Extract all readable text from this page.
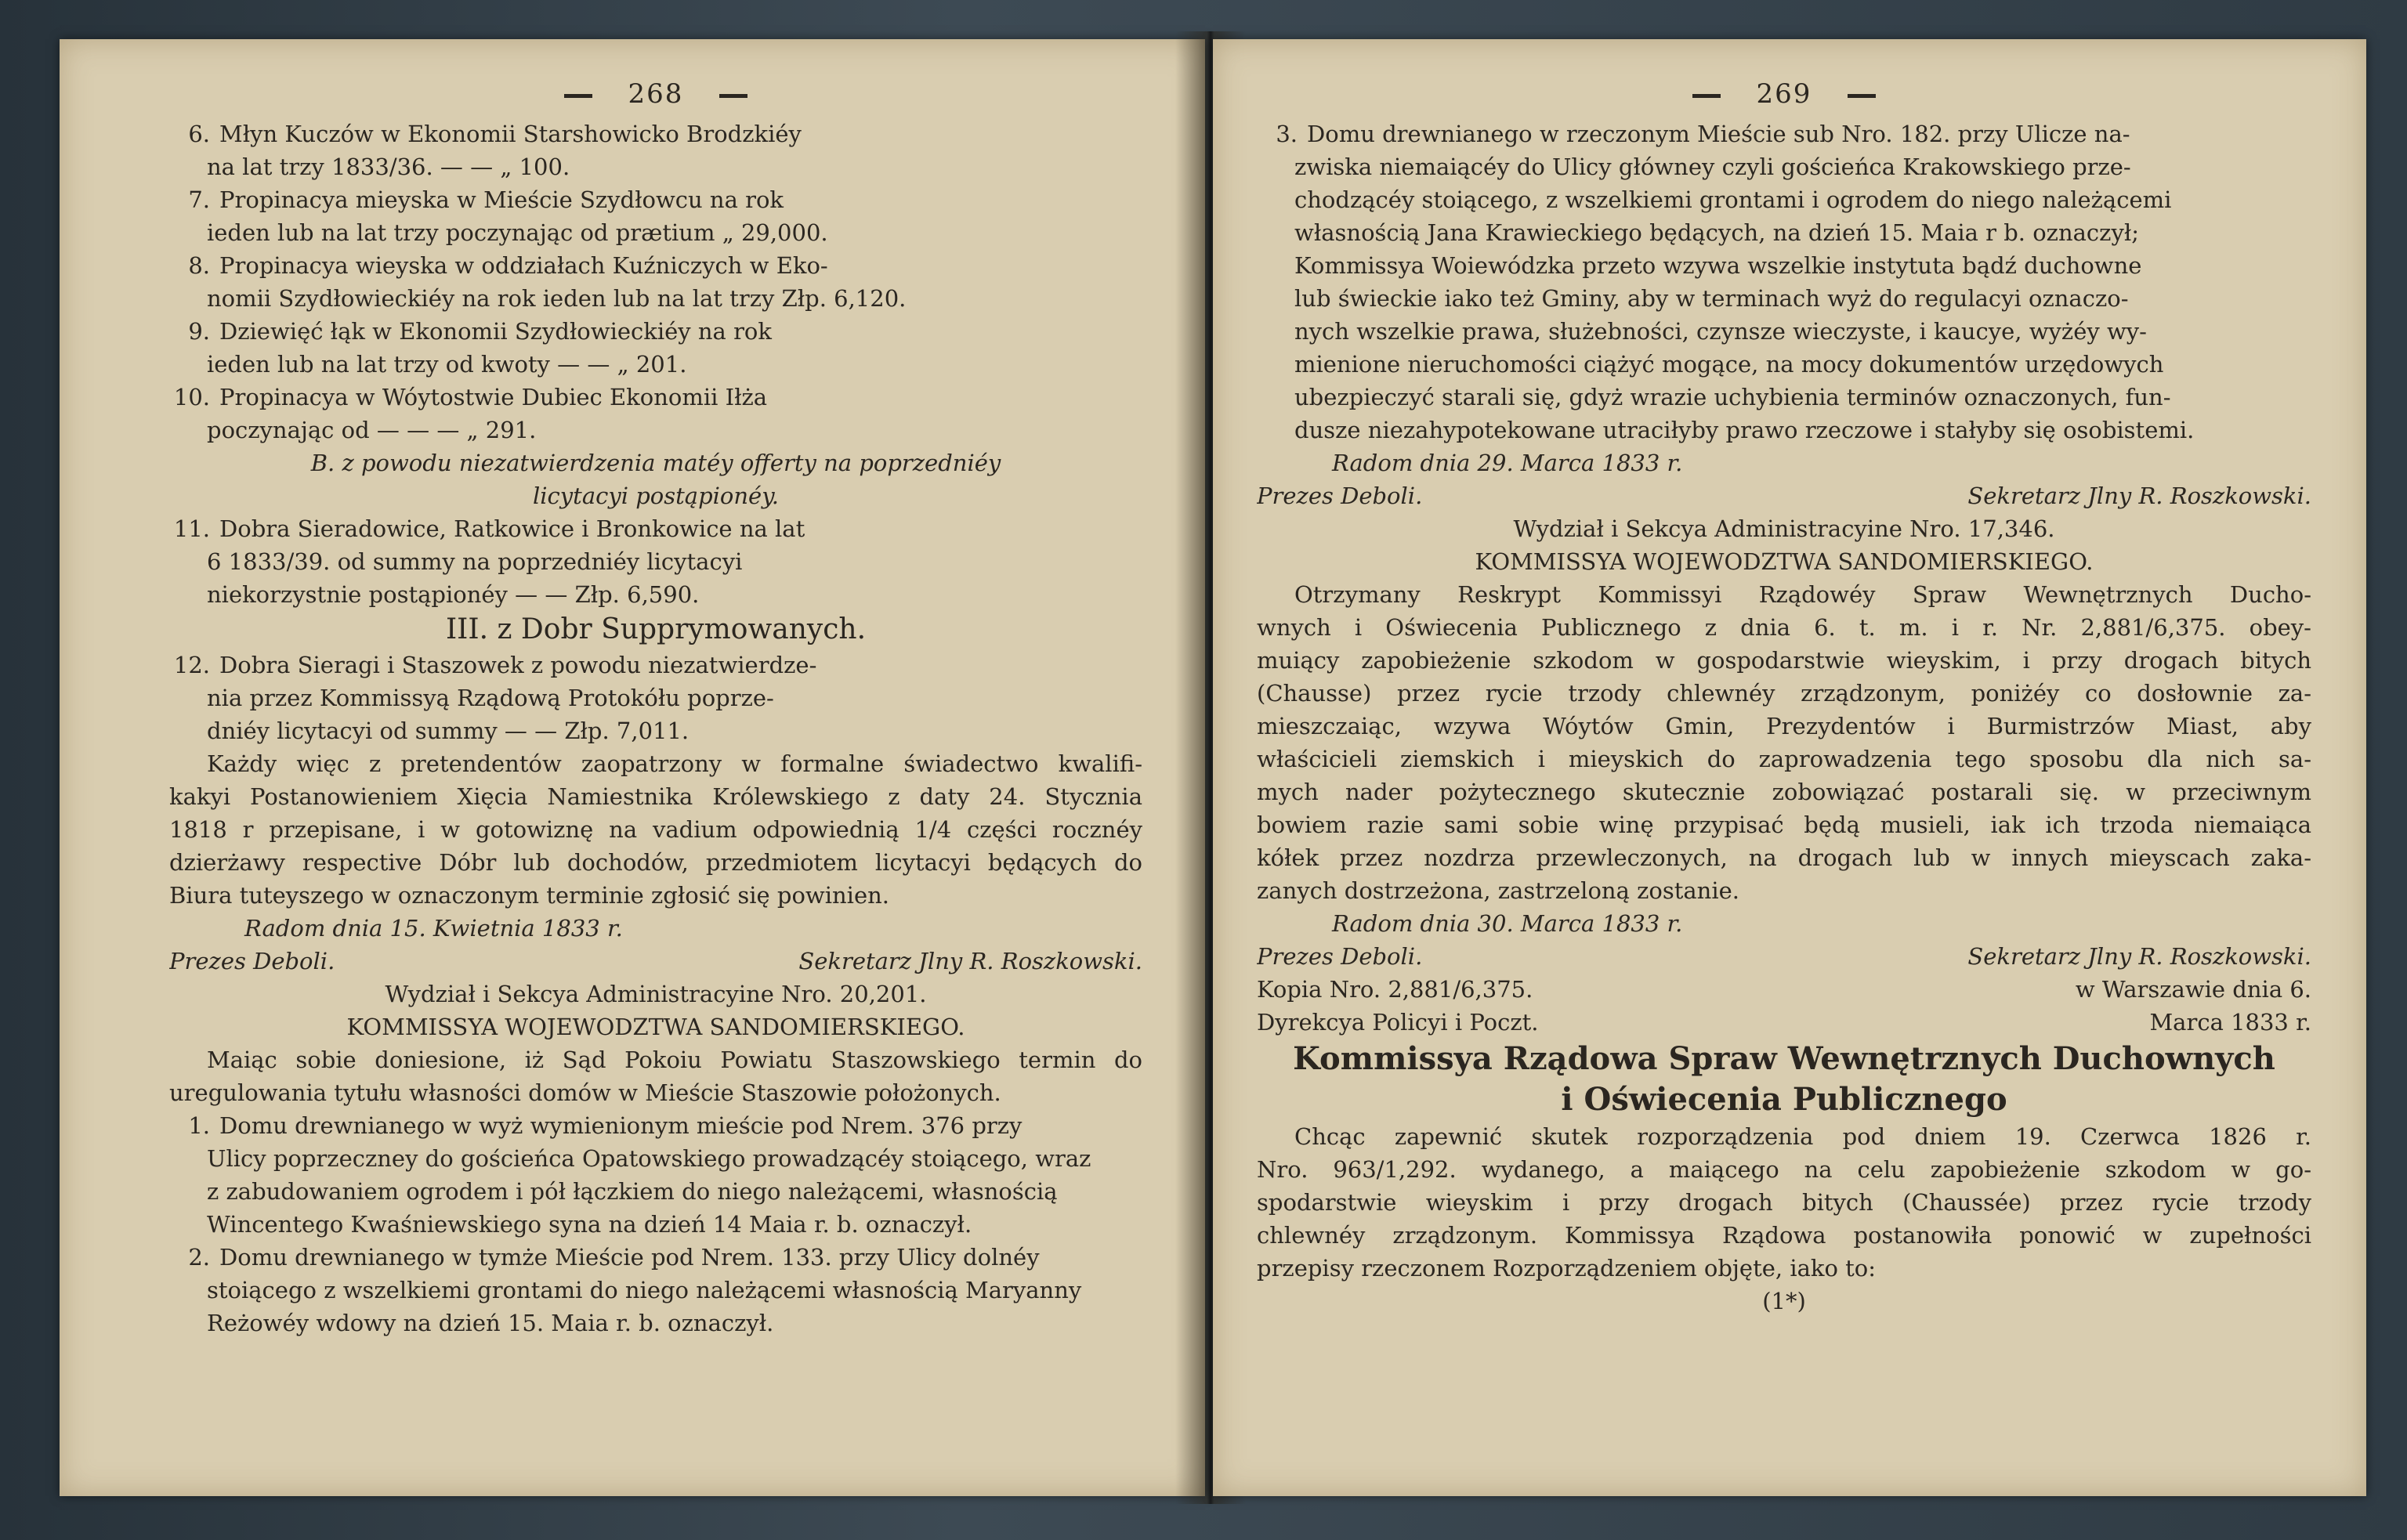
268
6. Młyn Kuczów w Ekonomii Starshowicko Brodzkiéy
na lat trzy 1833/36. — — „ 100.
7. Propinacya mieyska w Mieście Szydłowcu na rok
ieden lub na lat trzy poczynając od prætium „ 29,000.
8. Propinacya wieyska w oddziałach Kuźniczych w Eko-
nomii Szydłowieckiéy na rok ieden lub na lat trzy Złp. 6,120.
9. Dziewięć łąk w Ekonomii Szydłowieckiéy na rok
ieden lub na lat trzy od kwoty — — „ 201.
10. Propinacya w Wóytostwie Dubiec Ekonomii Iłża
poczynając od — — — „ 291.
B. z powodu niezatwierdzenia matéy offerty na poprzedniéy
licytacyi postąpionéy.
11. Dobra Sieradowice, Ratkowice i Bronkowice na lat
6 1833/39. od summy na poprzedniéy licytacyi
niekorzystnie postąpionéy — — Złp. 6,590.
III. z Dobr Supprymowanych.
12. Dobra Sieragi i Staszowek z powodu niezatwierdze-
nia przez Kommissyą Rządową Protokółu poprze-
dniéy licytacyi od summy — — Złp. 7,011.
Każdy więc z pretendentów zaopatrzony w formalne świadectwo kwalifi-
kakyi Postanowieniem Xięcia Namiestnika Królewskiego z daty 24. Stycznia
1818 r przepisane, i w gotowiznę na vadium odpowiednią 1/4 części rocznéy
dzierżawy respective Dóbr lub dochodów, przedmiotem licytacyi będących do
Biura tuteyszego w oznaczonym terminie zgłosić się powinien.
Radom dnia 15. Kwietnia 1833 r.
Prezes Deboli.	Sekretarz Jlny R. Roszkowski.
Wydział i Sekcya Administracyine Nro. 20,201.
KOMMISSYA WOJEWODZTWA SANDOMIERSKIEGO.
Maiąc sobie doniesione, iż Sąd Pokoiu Powiatu Staszowskiego termin do
uregulowania tytułu własności domów w Mieście Staszowie położonych.
1. Domu drewnianego w wyż wymienionym mieście pod Nrem. 376 przy
Ulicy poprzeczney do gościeńca Opatowskiego prowadzącéy stoiącego, wraz
z zabudowaniem ogrodem i pół łączkiem do niego należącemi, własnością
Wincentego Kwaśniewskiego syna na dzień 14 Maia r. b. oznaczył.
2. Domu drewnianego w tymże Mieście pod Nrem. 133. przy Ulicy dolnéy
stoiącego z wszelkiemi grontami do niego należącemi własnością Maryanny
Reżowéy wdowy na dzień 15. Maia r. b. oznaczył.
269
3. Domu drewnianego w rzeczonym Mieście sub Nro. 182. przy Ulicze na-
zwiska niemaiącéy do Ulicy główney czyli gościeńca Krakowskiego prze-
chodzącéy stoiącego, z wszelkiemi grontami i ogrodem do niego należącemi
własnością Jana Krawieckiego będących, na dzień 15. Maia r b. oznaczył;
Kommissya Woiewódzka przeto wzywa wszelkie instytuta bądź duchowne
lub świeckie iako też Gminy, aby w terminach wyż do regulacyi oznaczo-
nych wszelkie prawa, służebności, czynsze wieczyste, i kaucye, wyżéy wy-
mienione nieruchomości ciążyć mogące, na mocy dokumentów urzędowych
ubezpieczyć starali się, gdyż wrazie uchybienia terminów oznaczonych, fun-
dusze niezahypotekowane utraciłyby prawo rzeczowe i stałyby się osobistemi.
Radom dnia 29. Marca 1833 r.
Prezes Deboli.	Sekretarz Jlny R. Roszkowski.
Wydział i Sekcya Administracyine Nro. 17,346.
KOMMISSYA WOJEWODZTWA SANDOMIERSKIEGO.
Otrzymany Reskrypt Kommissyi Rządowéy Spraw Wewnętrznych Ducho-
wnych i Oświecenia Publicznego z dnia 6. t. m. i r. Nr. 2,881/6,375. obey-
muiący zapobieżenie szkodom w gospodarstwie wieyskim, i przy drogach bitych
(Chausse) przez rycie trzody chlewnéy zrządzonym, poniżéy co dosłownie za-
mieszczaiąc, wzywa Wóytów Gmin, Prezydentów i Burmistrzów Miast, aby
właścicieli ziemskich i mieyskich do zaprowadzenia tego sposobu dla nich sa-
mych nader pożytecznego skutecznie zobowiązać postarali się. w przeciwnym
bowiem razie sami sobie winę przypisać będą musieli, iak ich trzoda niemaiąca
kółek przez nozdrza przewleczonych, na drogach lub w innych mieyscach zaka-
zanych dostrzeżona, zastrzeloną zostanie.
Radom dnia 30. Marca 1833 r.
Prezes Deboli.	Sekretarz Jlny R. Roszkowski.
Kopia Nro. 2,881/6,375.	w Warszawie dnia 6.
Dyrekcya Policyi i Poczt.	Marca 1833 r.
Kommissya Rządowa Spraw Wewnętrznych Duchownych
i Oświecenia Publicznego
Chcąc zapewnić skutek rozporządzenia pod dniem 19. Czerwca 1826 r.
Nro. 963/1,292. wydanego, a maiącego na celu zapobieżenie szkodom w go-
spodarstwie wieyskim i przy drogach bitych (Chaussée) przez rycie trzody
chlewnéy zrządzonym. Kommissya Rządowa postanowiła ponowić w zupełności
przepisy rzeczonem Rozporządzeniem objęte, iako to:
(1*)
